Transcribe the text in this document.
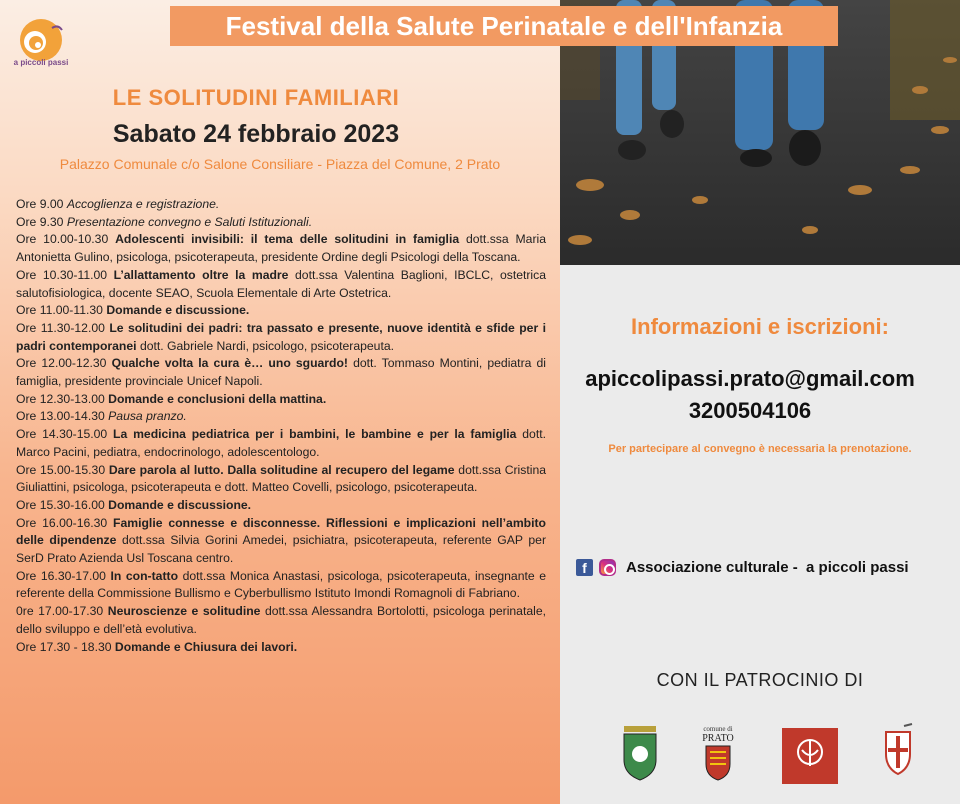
Festival della Salute Perinatale e dell'Infanzia
a piccoli passi
LE SOLITUDINI FAMILIARI
Sabato 24 febbraio 2023
Palazzo Comunale c/o Salone Consiliare - Piazza del Comune, 2 Prato
Ore 9.00 Accoglienza e registrazione.
Ore 9.30 Presentazione convegno e Saluti Istituzionali.
Ore 10.00-10.30 Adolescenti invisibili: il tema delle solitudini in famiglia dott.ssa Maria Antonietta Gulino, psicologa, psicoterapeuta, presidente Ordine degli Psicologi della Toscana.
Ore 10.30-11.00 L’allattamento oltre la madre dott.ssa Valentina Baglioni, IBCLC, ostetrica salutofisiologica, docente SEAO, Scuola Elementale di Arte Ostetrica.
Ore 11.00-11.30 Domande e discussione.
Ore 11.30-12.00 Le solitudini dei padri: tra passato e presente, nuove identità e sfide per i padri contemporanei dott. Gabriele Nardi, psicologo, psicoterapeuta.
Ore 12.00-12.30 Qualche volta la cura è… uno sguardo! dott. Tommaso Montini, pediatra di famiglia, presidente provinciale Unicef Napoli.
Ore 12.30-13.00 Domande e conclusioni della mattina.
Ore 13.00-14.30 Pausa pranzo.
Ore 14.30-15.00 La medicina pediatrica per i bambini, le bambine e per la famiglia dott. Marco Pacini, pediatra, endocrinologo, adolescentologo.
Ore 15.00-15.30 Dare parola al lutto. Dalla solitudine al recupero del legame dott.ssa Cristina Giuliattini, psicologa, psicoterapeuta e dott. Matteo Covelli, psicologo, psicoterapeuta.
Ore 15.30-16.00 Domande e discussione.
Ore 16.00-16.30 Famiglie connesse e disconnesse. Riflessioni e implicazioni nell’ambito delle dipendenze dott.ssa Silvia Gorini Amedei, psichiatra, psicoterapeuta, referente GAP per SerD Prato Azienda Usl Toscana centro.
Ore 16.30-17.00 In con-tatto dott.ssa Monica Anastasi, psicologa, psicoterapeuta, insegnante e referente della Commissione Bullismo e Cyberbullismo Istituto Imondi Romagnoli di Fabriano.
0re 17.00-17.30 Neuroscienze e solitudine dott.ssa Alessandra Bortolotti, psicologa perinatale, dello sviluppo e dell’età evolutiva.
Ore 17.30 - 18.30 Domande e Chiusura dei lavori.
Informazioni e iscrizioni:
apiccolipassi.prato@gmail.com
3200504106
Per partecipare al convegno è necessaria la prenotazione.
f	Associazione culturale -  a piccoli passi
CON IL PATROCINIO DI
comune di
PRATO
